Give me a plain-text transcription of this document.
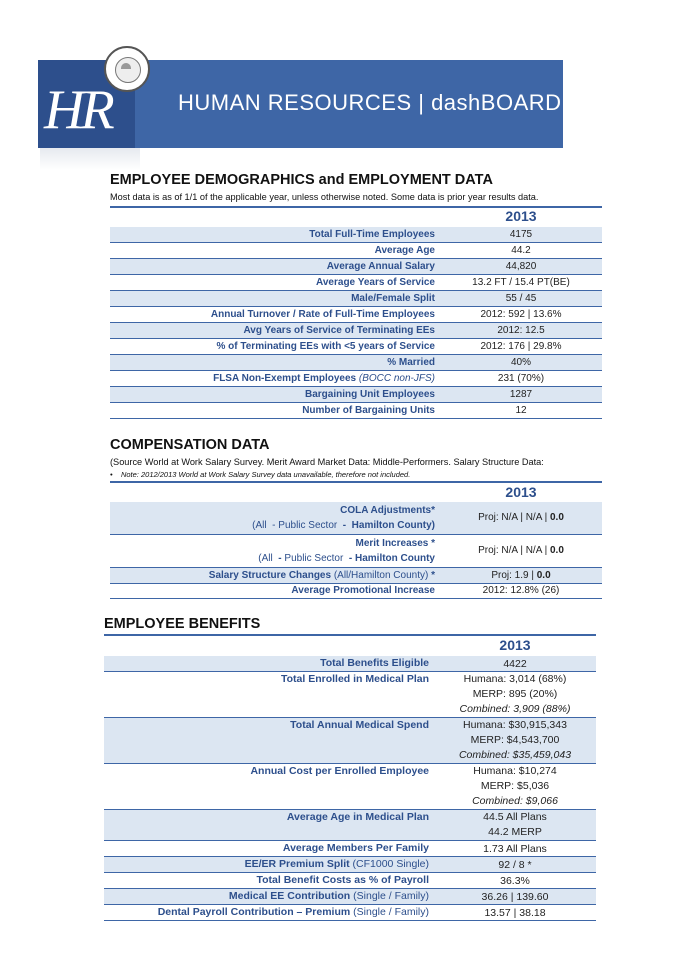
HR	HUMAN RESOURCES | dashBOARD
EMPLOYEE DEMOGRAPHICS and EMPLOYMENT DATA
Most data is as of 1/1 of the applicable year, unless otherwise noted. Some data is prior year results data.
2013
Total Full-Time Employees	4175
Average Age	44.2
Average Annual Salary	44,820
Average Years of Service	13.2 FT / 15.4 PT(BE)
Male/Female Split	55 / 45
Annual Turnover / Rate of Full-Time Employees	2012: 592 | 13.6%
Avg Years of Service of Terminating EEs	2012: 12.5
% of Terminating EEs with <5 years of Service	2012: 176 | 29.8%
% Married	40%
FLSA Non-Exempt Employees (BOCC non-JFS)	231 (70%)
Bargaining Unit Employees	1287
Number of Bargaining Units	12
COMPENSATION DATA
(Source World at Work Salary Survey. Merit Award Market Data: Middle-Performers. Salary Structure Data:
•    Note: 2012/2013 World at Work Salary Survey data unavailable, therefore not included.
2013
COLA Adjustments*
(All  - Public Sector  -  Hamilton County)	Proj: N/A | N/A | 0.0
Merit Increases *
(All  - Public Sector  - Hamilton County	Proj: N/A | N/A | 0.0
Salary Structure Changes (All/Hamilton County) *	Proj: 1.9 | 0.0
Average Promotional Increase	2012: 12.8% (26)
EMPLOYEE BENEFITS
2013
Total Benefits Eligible	4422
Total Enrolled in Medical Plan	Humana: 3,014 (68%)
MERP: 895 (20%)
Combined: 3,909 (88%)

Total Annual Medical Spend	Humana: $30,915,343
MERP: $4,543,700
Combined: $35,459,043

Annual Cost per Enrolled Employee	Humana: $10,274
MERP: $5,036
Combined: $9,066

Average Age in Medical Plan	44.5 All Plans
44.2 MERP

Average Members Per Family	1.73 All Plans
EE/ER Premium Split (CF1000 Single)	92 / 8 *
Total Benefit Costs as % of Payroll	36.3%
Medical EE Contribution (Single / Family)	36.26 | 139.60
Dental Payroll Contribution – Premium (Single / Family)	13.57 | 38.18
